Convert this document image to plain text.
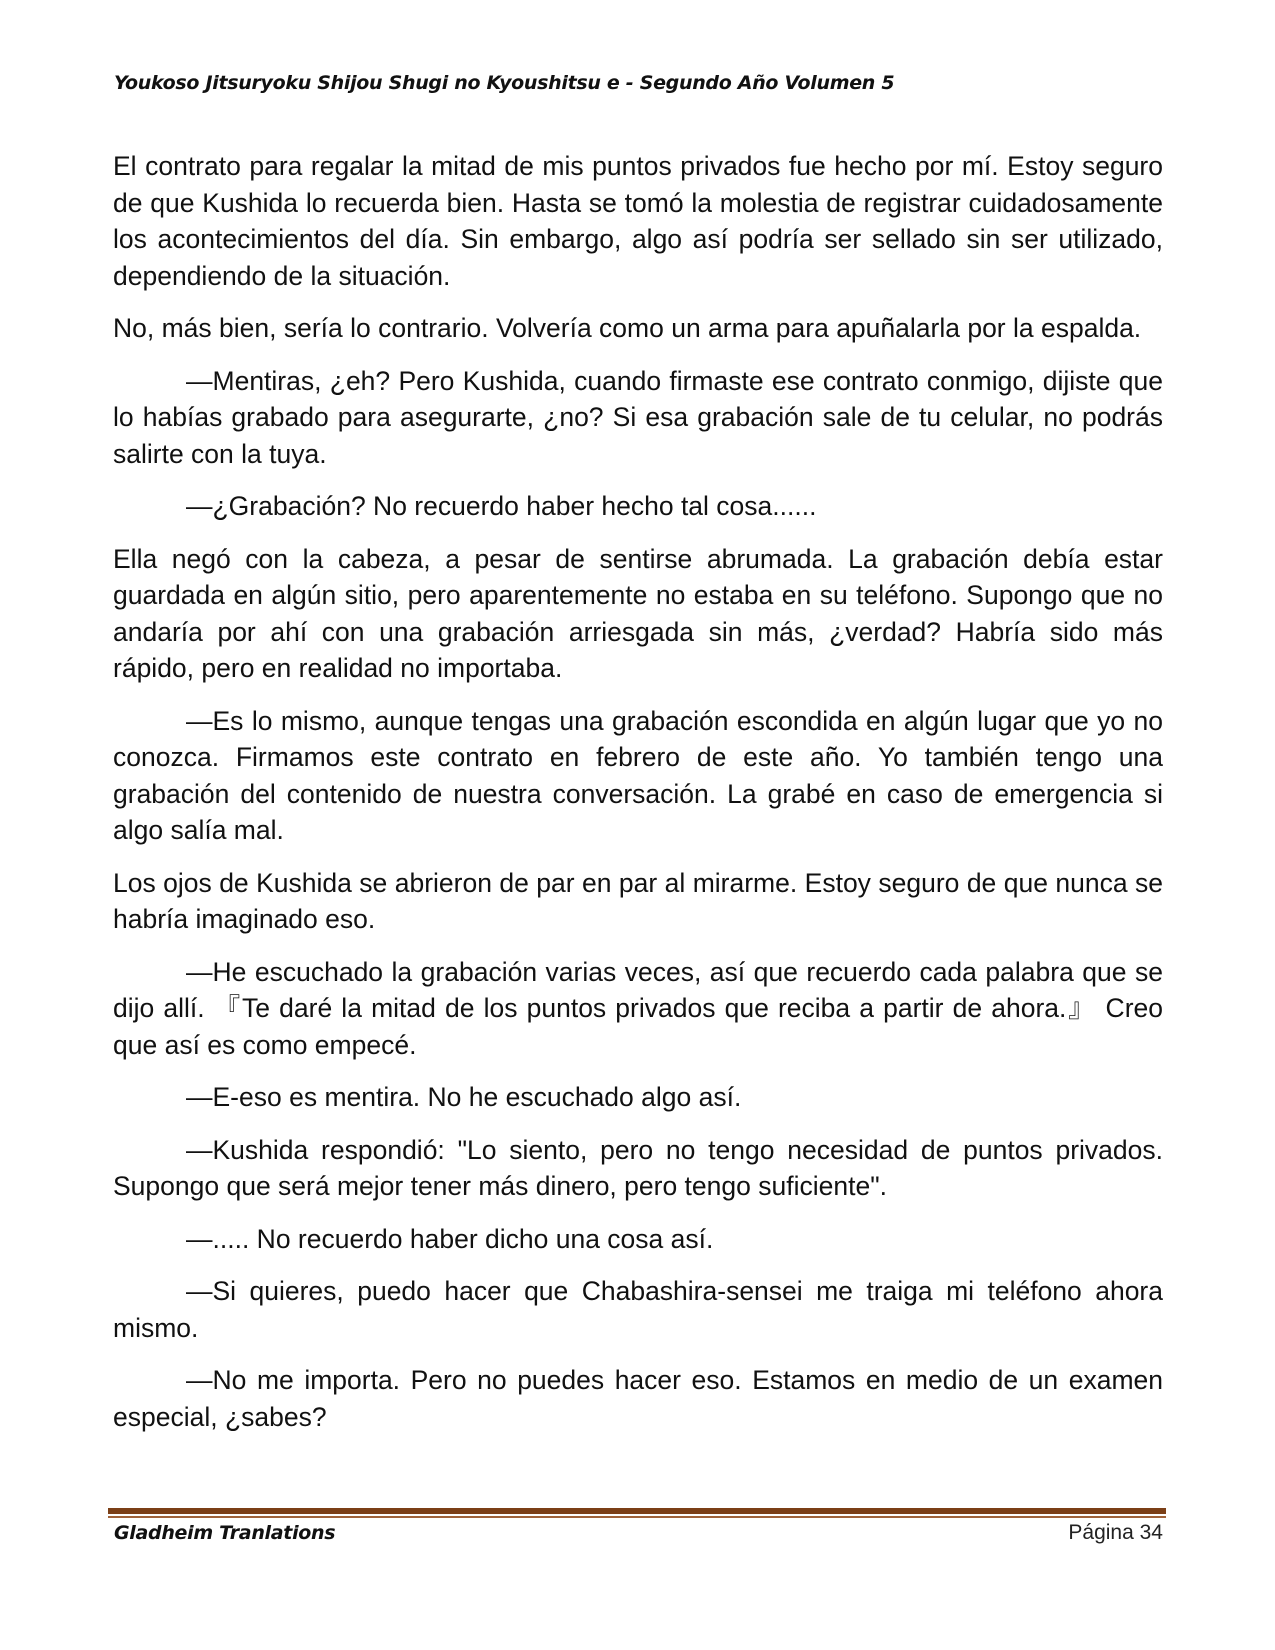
Youkoso Jitsuryoku Shijou Shugi no Kyoushitsu e - Segundo Año Volumen 5

El contrato para regalar la mitad de mis puntos privados fue hecho por mí. Estoy seguro de que Kushida lo recuerda bien. Hasta se tomó la molestia de registrar cuidadosamente los acontecimientos del día. Sin embargo, algo así podría ser sellado sin ser utilizado, dependiendo de la situación.

No, más bien, sería lo contrario. Volvería como un arma para apuñalarla por la espalda.

—Mentiras, ¿eh? Pero Kushida, cuando firmaste ese contrato conmigo, dijiste que lo habías grabado para asegurarte, ¿no? Si esa grabación sale de tu celular, no podrás salirte con la tuya.

—¿Grabación? No recuerdo haber hecho tal cosa......

Ella negó con la cabeza, a pesar de sentirse abrumada. La grabación debía estar guardada en algún sitio, pero aparentemente no estaba en su teléfono. Supongo que no andaría por ahí con una grabación arriesgada sin más, ¿verdad? Habría sido más rápido, pero en realidad no importaba.

—Es lo mismo, aunque tengas una grabación escondida en algún lugar que yo no conozca. Firmamos este contrato en febrero de este año. Yo también tengo una grabación del contenido de nuestra conversación. La grabé en caso de emergencia si algo salía mal.

Los ojos de Kushida se abrieron de par en par al mirarme. Estoy seguro de que nunca se habría imaginado eso.

—He escuchado la grabación varias veces, así que recuerdo cada palabra que se dijo allí. 『Te daré la mitad de los puntos privados que reciba a partir de ahora.』 Creo que así es como empecé.

—E-eso es mentira. No he escuchado algo así.

—Kushida respondió: "Lo siento, pero no tengo necesidad de puntos privados. Supongo que será mejor tener más dinero, pero tengo suficiente".

—..... No recuerdo haber dicho una cosa así.

—Si quieres, puedo hacer que Chabashira-sensei me traiga mi teléfono ahora mismo.

—No me importa. Pero no puedes hacer eso. Estamos en medio de un examen especial, ¿sabes?

Gladheim Tranlations	Página 34
